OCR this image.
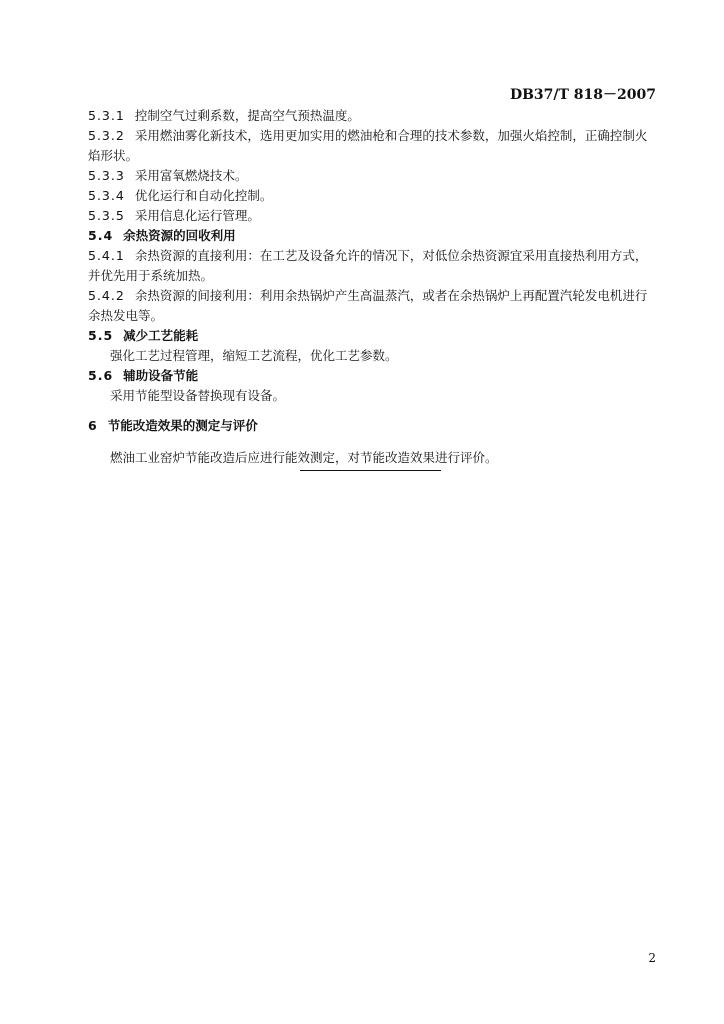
DB37/T 818－2007
5.3.1 控制空气过剩系数，提高空气预热温度。
5.3.2 采用燃油雾化新技术，选用更加实用的燃油枪和合理的技术参数，加强火焰控制，正确控制火焰形状。
5.3.3 采用富氧燃烧技术。
5.3.4 优化运行和自动化控制。
5.3.5 采用信息化运行管理。
5.4 余热资源的回收利用
5.4.1 余热资源的直接利用：在工艺及设备允许的情况下，对低位余热资源宜采用直接热利用方式，并优先用于系统加热。
5.4.2 余热资源的间接利用：利用余热锅炉产生高温蒸汽，或者在余热锅炉上再配置汽轮发电机进行余热发电等。
5.5 减少工艺能耗
强化工艺过程管理，缩短工艺流程，优化工艺参数。
5.6 辅助设备节能
采用节能型设备替换现有设备。
6 节能改造效果的测定与评价
燃油工业窑炉节能改造后应进行能效测定，对节能改造效果进行评价。
2
